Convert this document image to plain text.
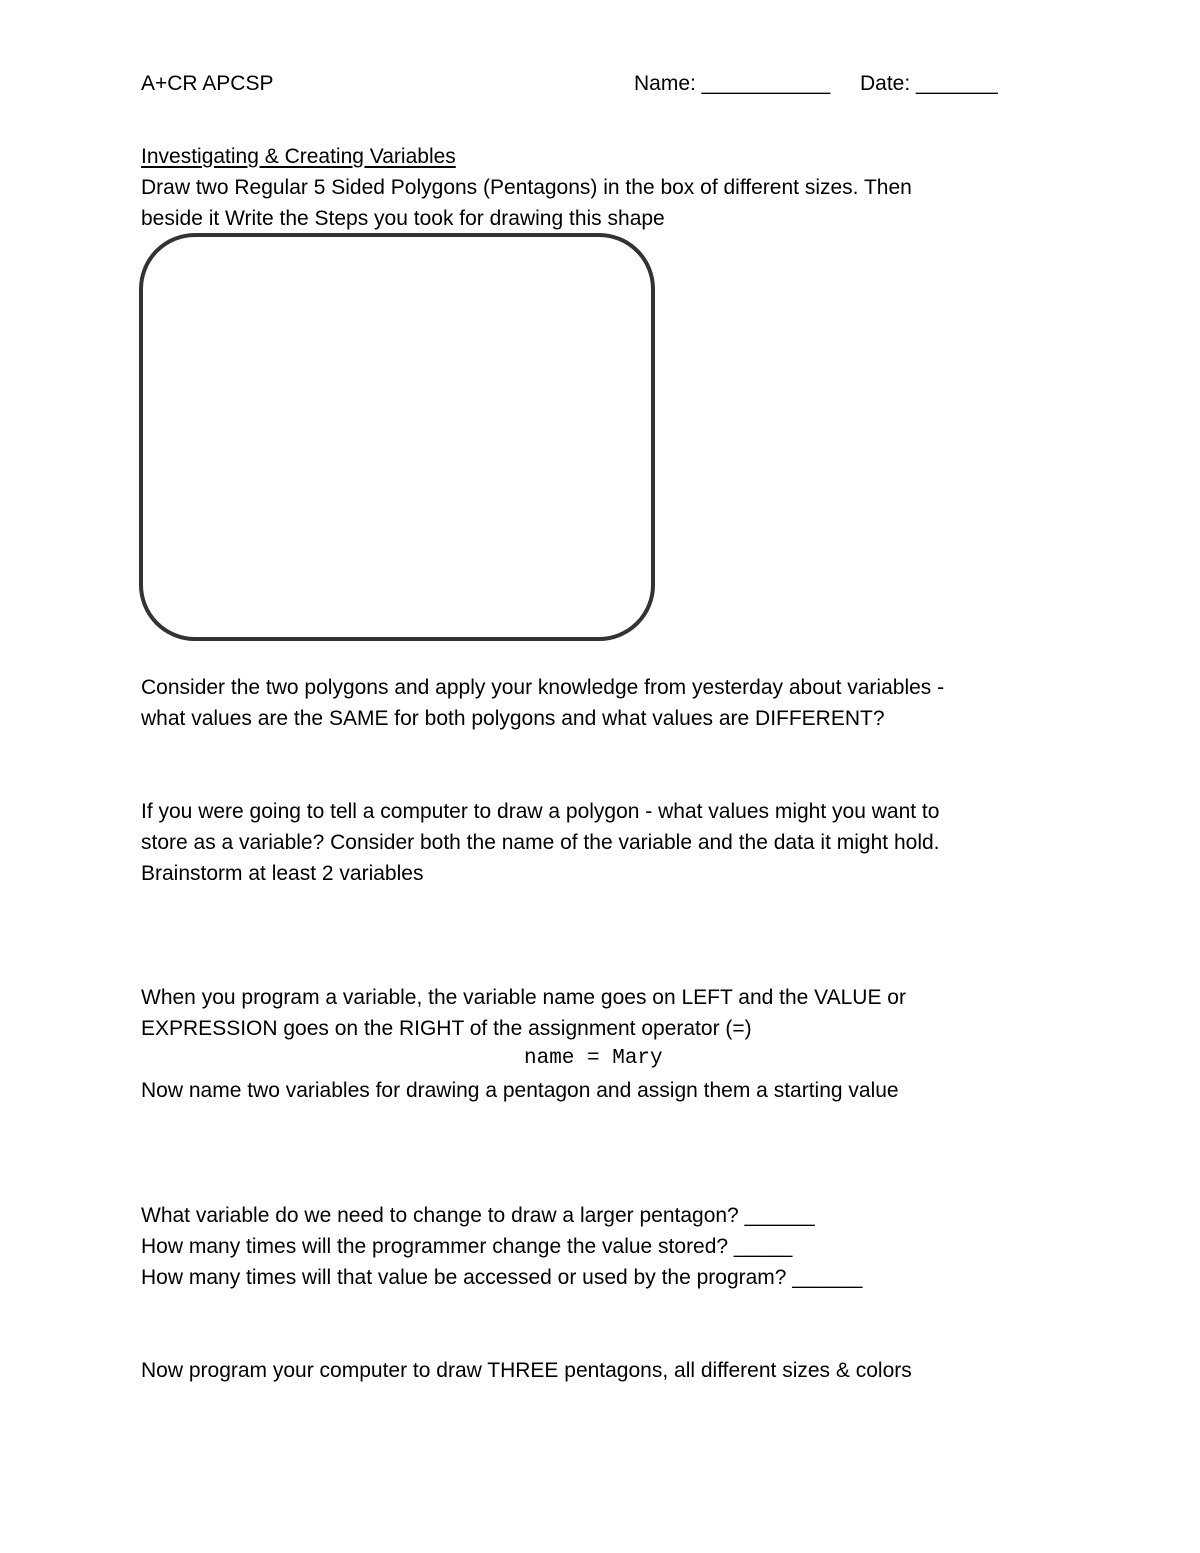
A+CR APCSP	Name: ___________ Date: _______
Investigating & Creating Variables
Draw two Regular 5 Sided Polygons (Pentagons) in the box of different sizes. Then
beside it Write the Steps you took for drawing this shape
Consider the two polygons and apply your knowledge from yesterday about variables -
what values are the SAME for both polygons and what values are DIFFERENT?
If you were going to tell a computer to draw a polygon - what values might you want to
store as a variable? Consider both the name of the variable and the data it might hold.
Brainstorm at least 2 variables
When you program a variable, the variable name goes on LEFT and the VALUE or
EXPRESSION goes on the RIGHT of the assignment operator (=)
name = Mary
Now name two variables for drawing a pentagon and assign them a starting value
What variable do we need to change to draw a larger pentagon? ______
How many times will the programmer change the value stored? _____
How many times will that value be accessed or used by the program? ______
Now program your computer to draw THREE pentagons, all different sizes & colors
